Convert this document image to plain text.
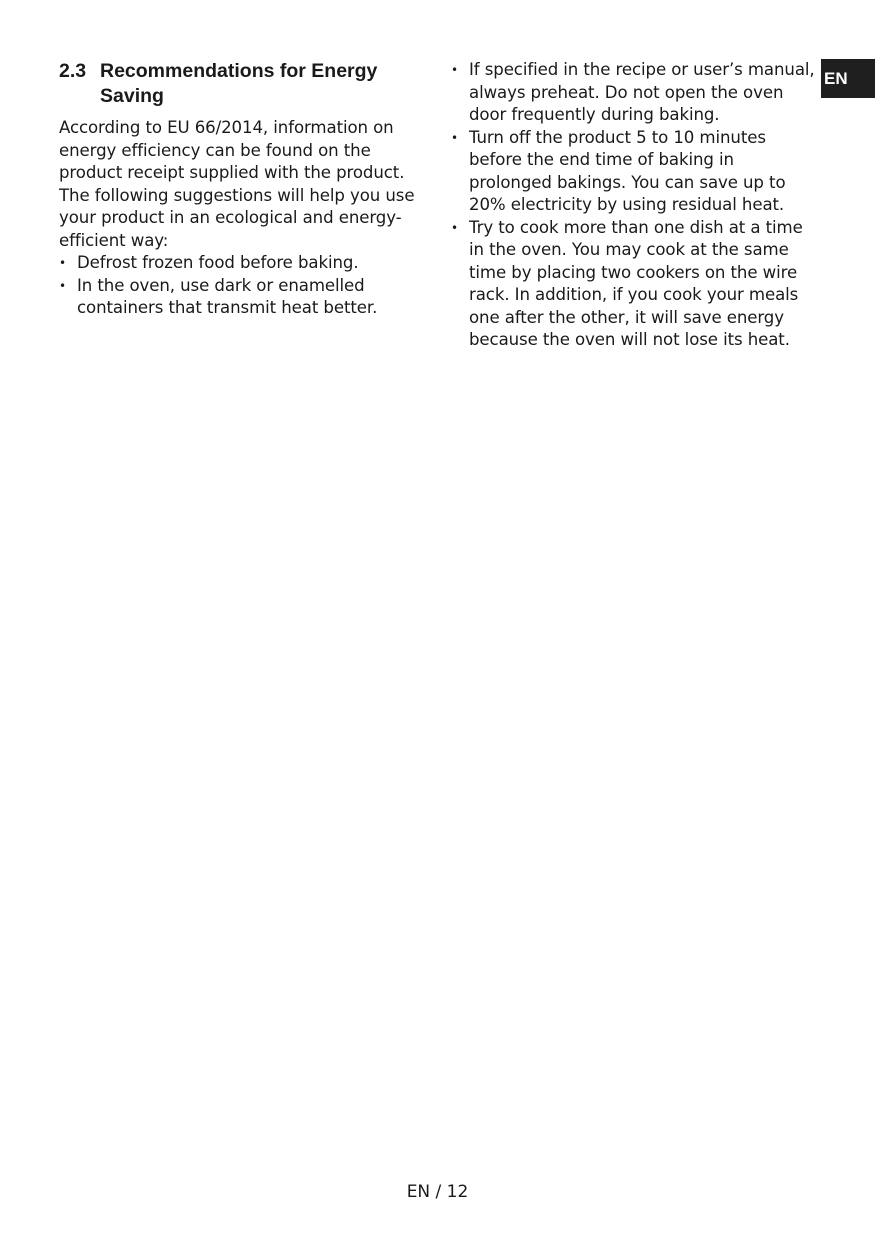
EN
2.3 Recommendations for Energy Saving

According to EU 66/2014, information on energy efficiency can be found on the product receipt supplied with the product.

The following suggestions will help you use your product in an ecological and energy-efficient way:

• Defrost frozen food before baking.
• In the oven, use dark or enamelled containers that transmit heat better.
• If specified in the recipe or user’s manual, always preheat. Do not open the oven door frequently during baking.
• Turn off the product 5 to 10 minutes before the end time of baking in prolonged bakings. You can save up to 20% electricity by using residual heat.
• Try to cook more than one dish at a time in the oven. You may cook at the same time by placing two cookers on the wire rack. In addition, if you cook your meals one after the other, it will save energy because the oven will not lose its heat.
EN / 12
